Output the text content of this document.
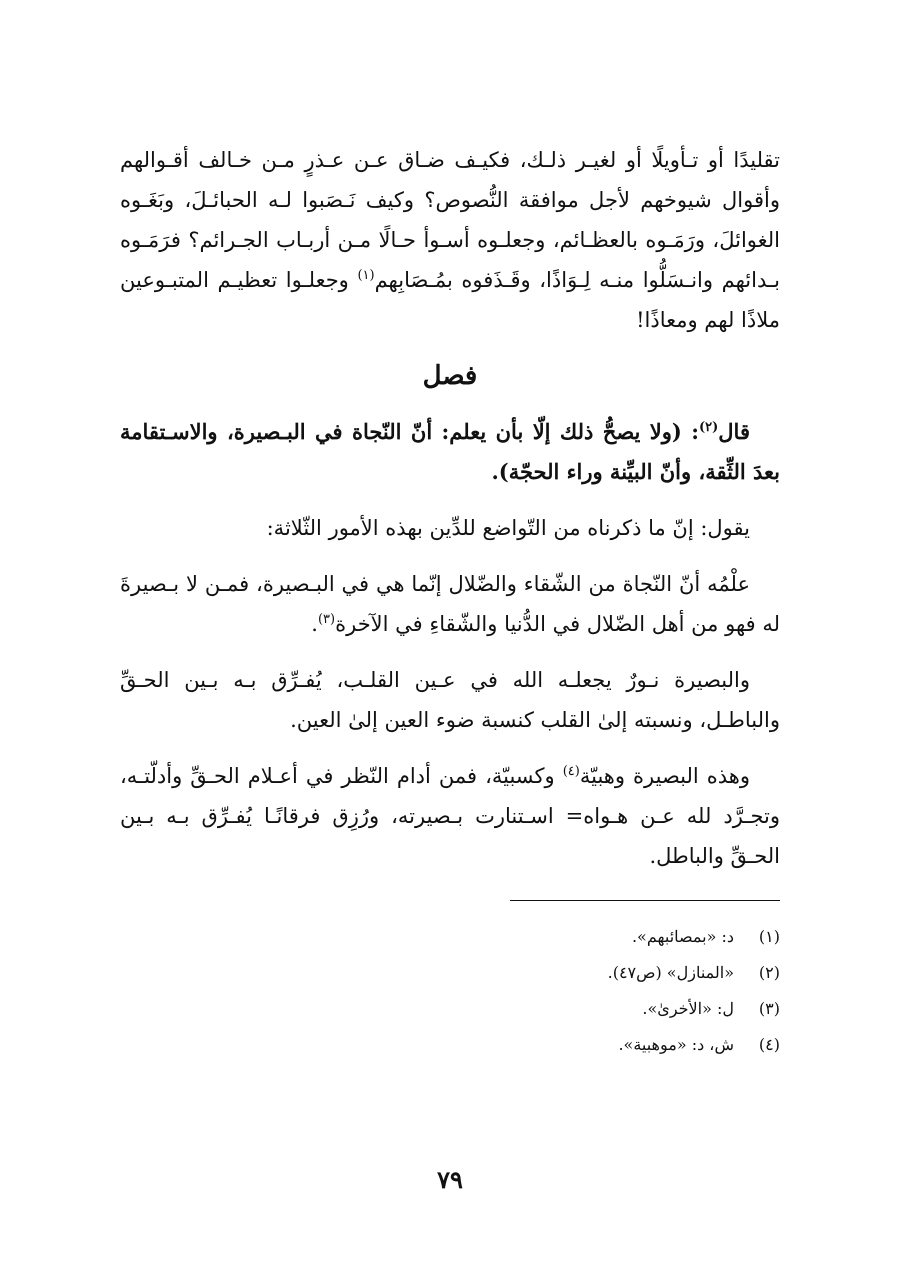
تقليدًا أو تـأويلًا أو لغيـر ذلـك، فكيـف ضـاق عـن عـذرٍ مـن خـالف أقـوالهم وأقوال شيوخهم لأجل موافقة النُّصوص؟ وكيف نَـصَبوا لـه الحبائـلَ، وبَغَـوه الغوائلَ، ورَمَـوه بالعظـائم، وجعلـوه أسـوأ حـالًا مـن أربـاب الجـرائم؟ فرَمَـوه بـدائهم وانـسَلُّوا منـه لِـوَاذًا، وقَـذَفوه بمُـصَابِهم$^{(١)}$ وجعلـوا تعظيـم المتبـوعين ملاذًا لهم ومعاذًا!

فصل

قال$^{(٢)}$: (ولا يصحُّ ذلك إلّا بأن يعلم: أنّ النّجاة في البـصيرة، والاسـتقامة بعدَ الثِّقة، وأنّ البيِّنة وراء الحجّة).

يقول: إنّ ما ذكرناه من التّواضع للدِّين بهذه الأمور الثّلاثة:

علْمُه أنّ النّجاة من الشّقاء والضّلال إنّما هي في البـصيرة، فمـن لا بـصيرةَ له فهو من أهل الضّلال في الدُّنيا والشّقاءِ في الآخرة$^{(٣)}$.

والبصيرة نـورٌ يجعلـه الله في عـين القلـب، يُفـرِّق بـه بـين الحـقِّ والباطـل، ونسبته إلىٰ القلب كنسبة ضوء العين إلىٰ العين.

وهذه البصيرة وهبيّة$^{(٤)}$ وكسبيّة، فمن أدام النّظر في أعـلام الحـقِّ وأدلّتـه، وتجـرَّد لله عـن هـواه= اسـتنارت بـصيرته، ورُزِق فرقانًـا يُفـرِّق بـه بـين الحـقِّ والباطل.

(١)
د: «بمصائبهم».
(٢)
«المنازل» (ص٤٧).
(٣)
ل: «الأخرىٰ».
(٤)
ش، د: «موهبية».
٧٩
